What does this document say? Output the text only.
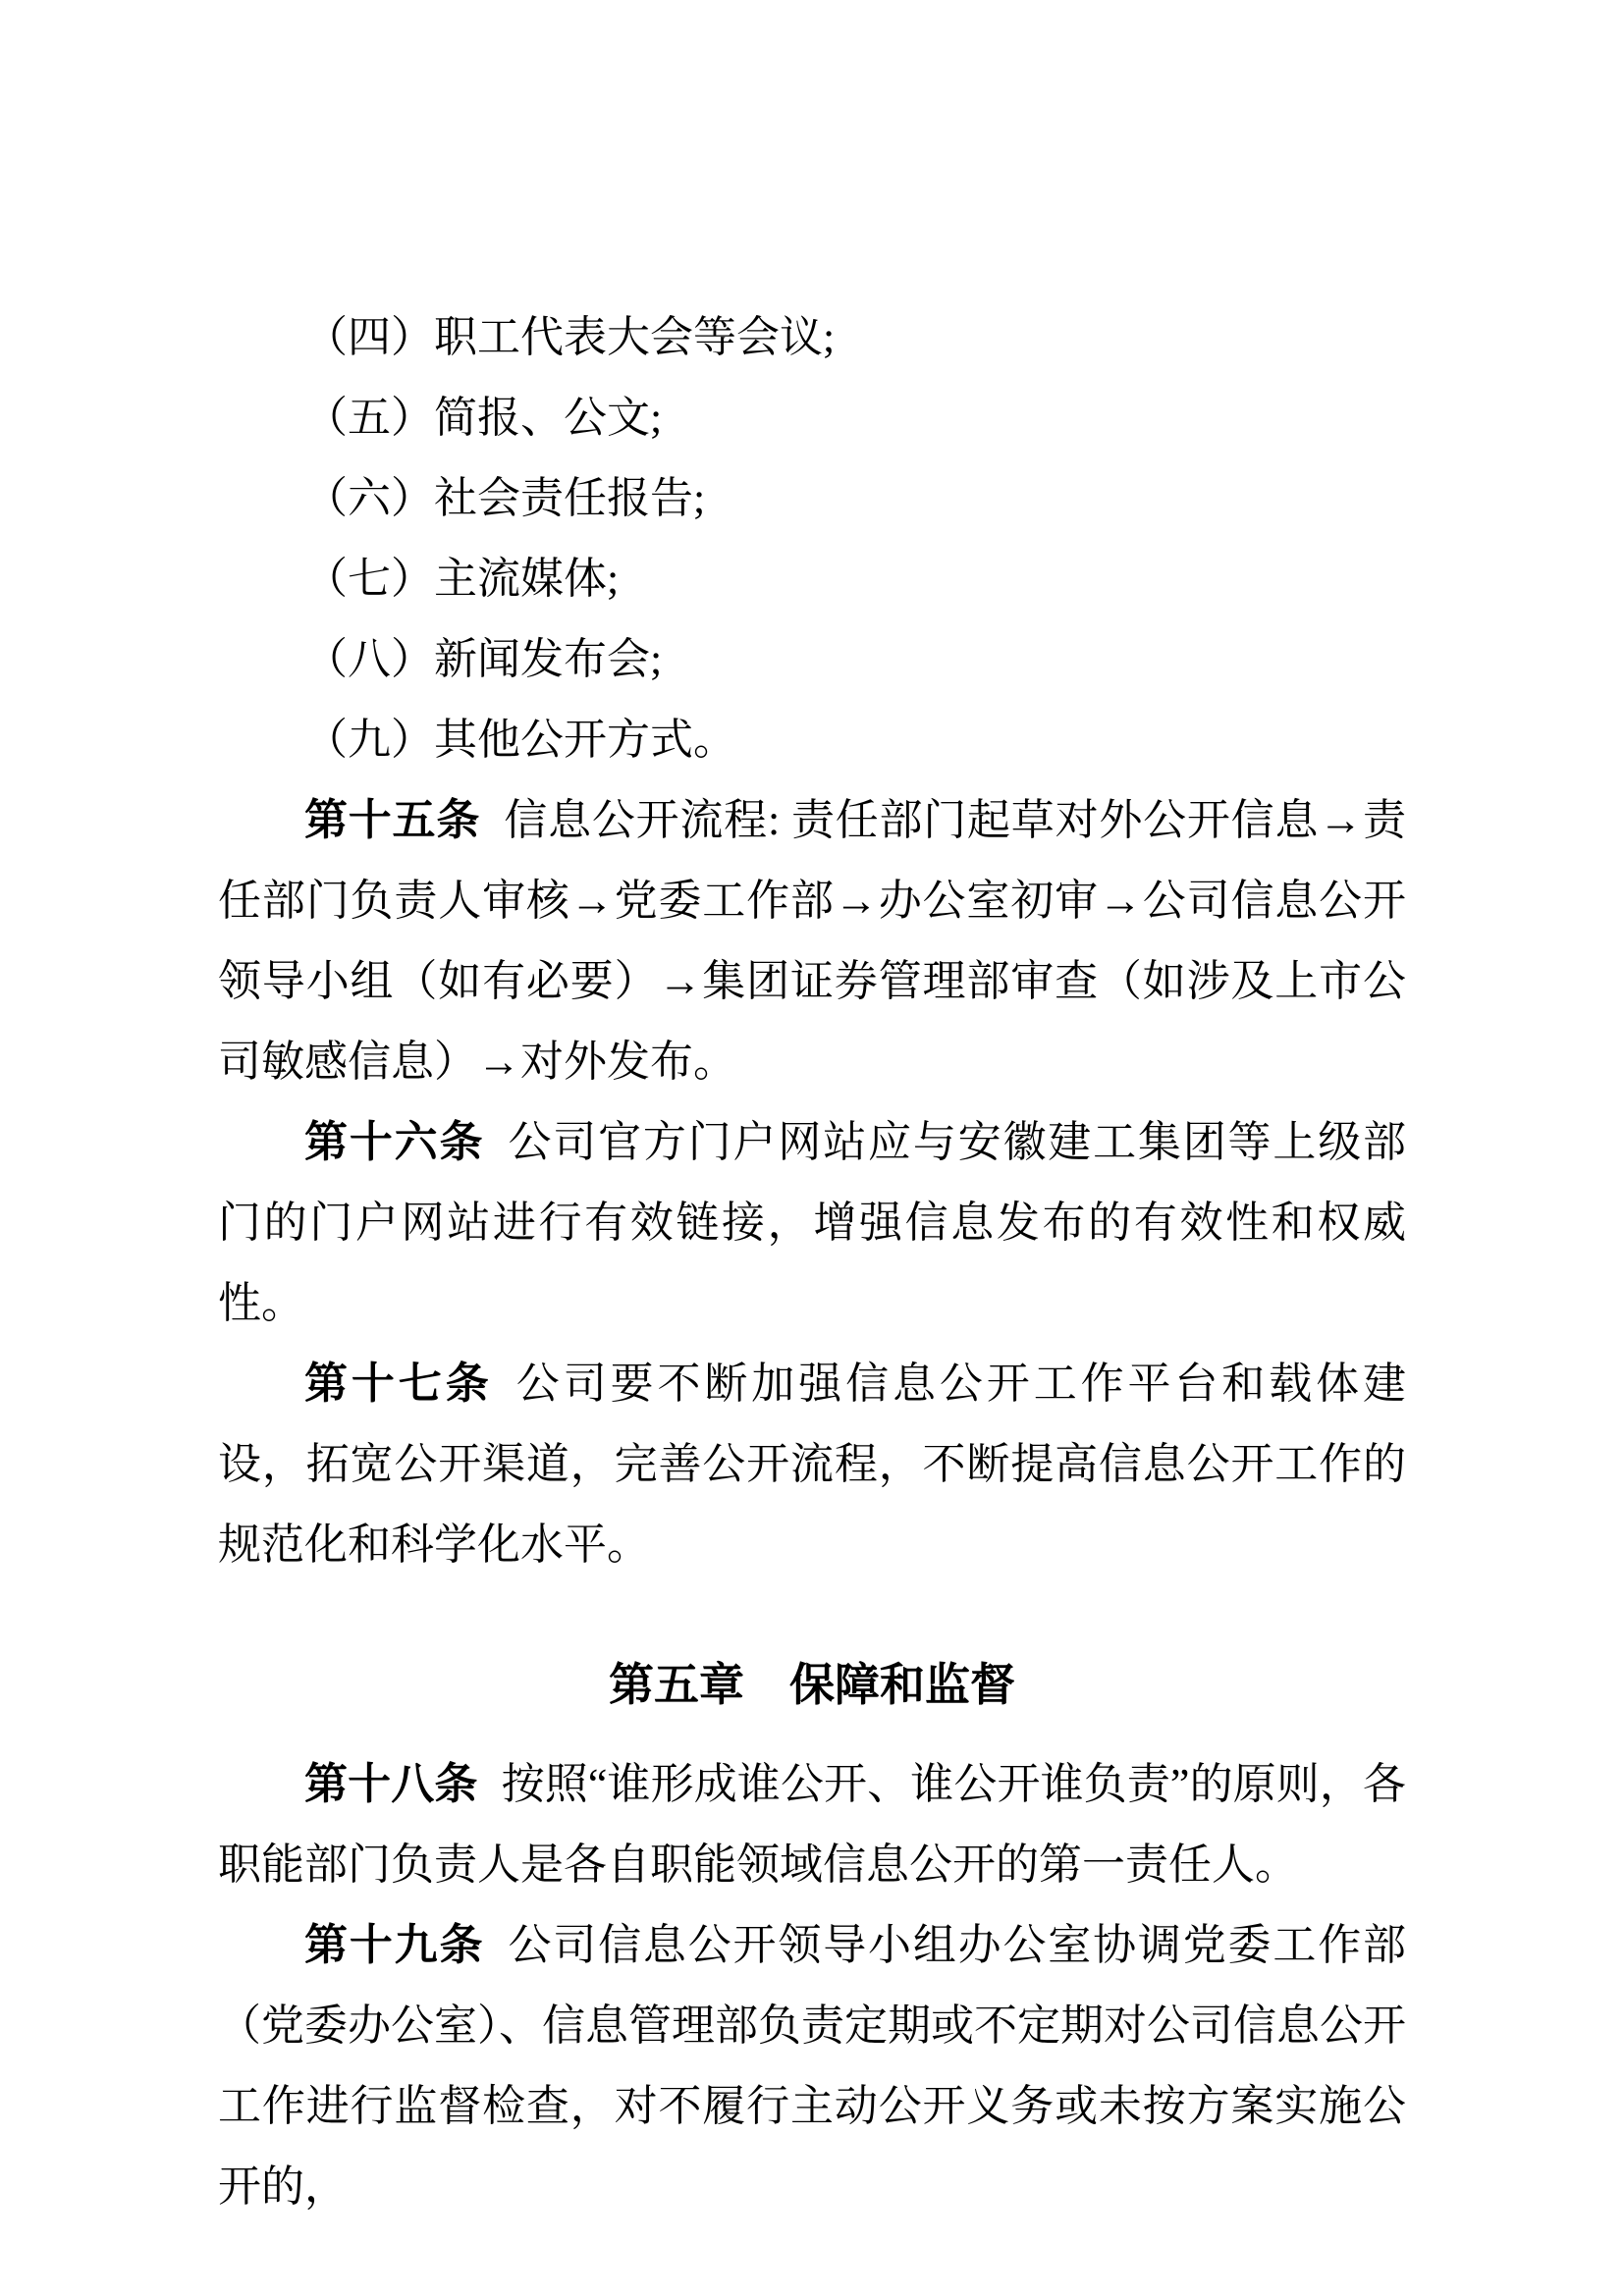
（四）职工代表大会等会议;

（五）简报、公文;

（六）社会责任报告;

（七）主流媒体;

（八）新闻发布会;

（九）其他公开方式。

第十五条 信息公开流程: 责任部门起草对外公开信息→责任部门负责人审核→党委工作部→办公室初审→公司信息公开领导小组（如有必要）→集团证券管理部审查（如涉及上市公司敏感信息）→对外发布。

第十六条 公司官方门户网站应与安徽建工集团等上级部门的门户网站进行有效链接，增强信息发布的有效性和权威性。

第十七条 公司要不断加强信息公开工作平台和载体建设，拓宽公开渠道，完善公开流程，不断提高信息公开工作的规范化和科学化水平。

第五章 保障和监督

第十八条 按照“谁形成谁公开、谁公开谁负责”的原则，各职能部门负责人是各自职能领域信息公开的第一责任人。

第十九条 公司信息公开领导小组办公室协调党委工作部（党委办公室）、信息管理部负责定期或不定期对公司信息公开工作进行监督检查，对不履行主动公开义务或未按方案实施公开的，
